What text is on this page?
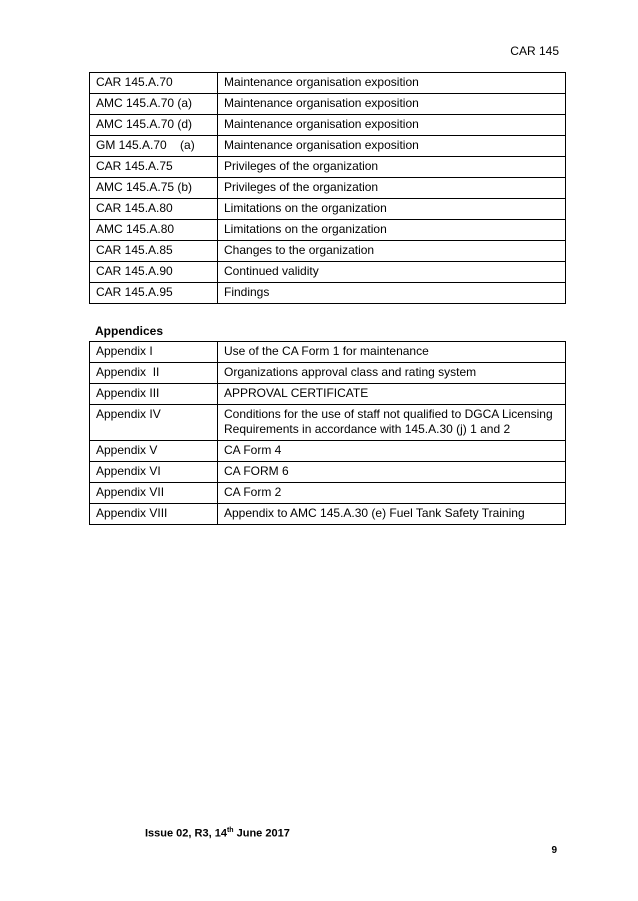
CAR 145
CAR 145.A.70	Maintenance organisation exposition
AMC 145.A.70 (a)	Maintenance organisation exposition
AMC 145.A.70 (d)	Maintenance organisation exposition
GM 145.A.70    (a)	Maintenance organisation exposition
CAR 145.A.75	Privileges of the organization
AMC 145.A.75 (b)	Privileges of the organization
CAR 145.A.80	Limitations on the organization
AMC 145.A.80	Limitations on the organization
CAR 145.A.85	Changes to the organization
CAR 145.A.90	Continued validity
CAR 145.A.95	Findings
Appendices
Appendix I	Use of the CA Form 1 for maintenance
Appendix  II	Organizations approval class and rating system
Appendix III	APPROVAL CERTIFICATE
Appendix IV	Conditions for the use of staff not qualified to DGCA Licensing Requirements in accordance with 145.A.30 (j) 1 and 2
Appendix V	CA Form 4
Appendix VI	CA FORM 6
Appendix VII	CA Form 2
Appendix VIII	Appendix to AMC 145.A.30 (e) Fuel Tank Safety Training
Issue 02, R3, 14th June 2017
9
